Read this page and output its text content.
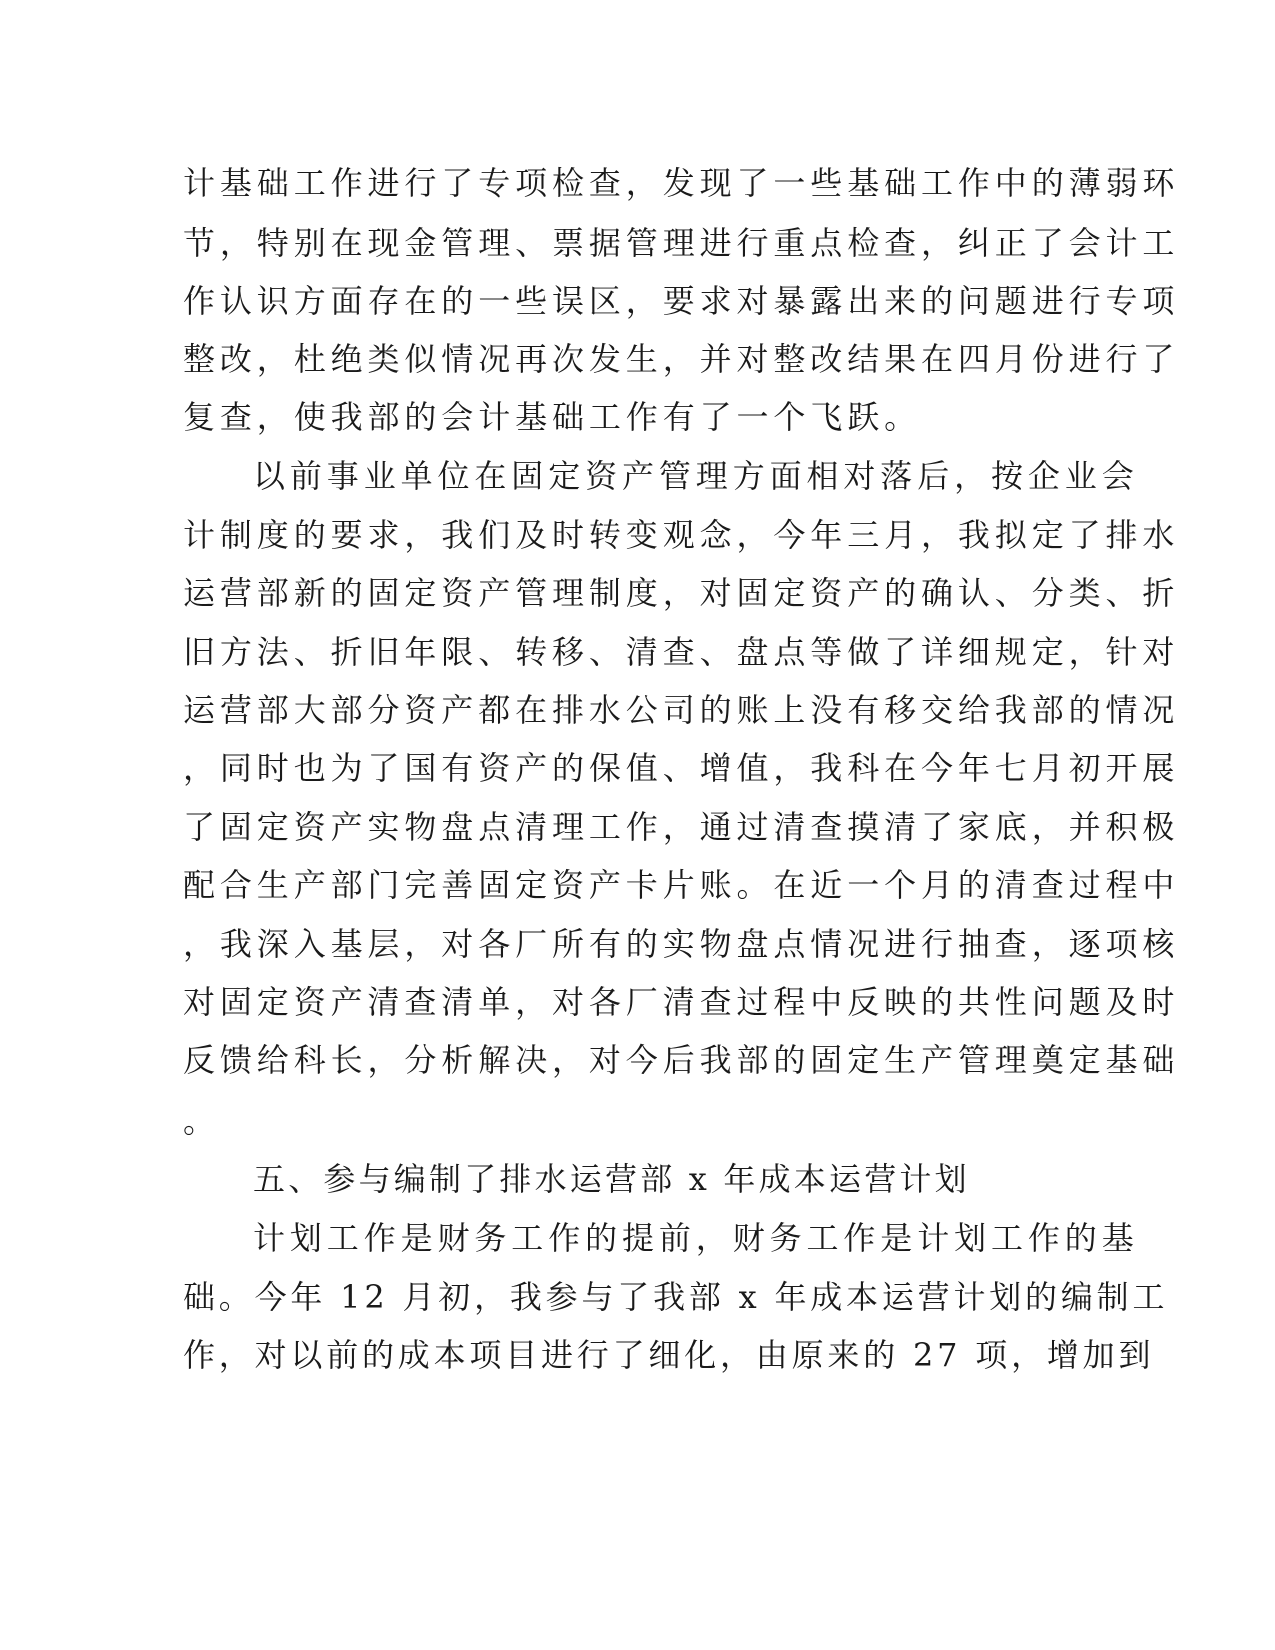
计基础工作进行了专项检查，发现了一些基础工作中的薄弱环
节，特别在现金管理、票据管理进行重点检查，纠正了会计工
作认识方面存在的一些误区，要求对暴露出来的问题进行专项
整改，杜绝类似情况再次发生，并对整改结果在四月份进行了
复查，使我部的会计基础工作有了一个飞跃。
以前事业单位在固定资产管理方面相对落后，按企业会
计制度的要求，我们及时转变观念，今年三月，我拟定了排水
运营部新的固定资产管理制度，对固定资产的确认、分类、折
旧方法、折旧年限、转移、清查、盘点等做了详细规定，针对
运营部大部分资产都在排水公司的账上没有移交给我部的情况
，同时也为了国有资产的保值、增值，我科在今年七月初开展
了固定资产实物盘点清理工作，通过清查摸清了家底，并积极
配合生产部门完善固定资产卡片账。在近一个月的清查过程中
，我深入基层，对各厂所有的实物盘点情况进行抽查，逐项核
对固定资产清查清单，对各厂清查过程中反映的共性问题及时
反馈给科长，分析解决，对今后我部的固定生产管理奠定基础
。
五、参与编制了排水运营部 x 年成本运营计划
计划工作是财务工作的提前，财务工作是计划工作的基
础。今年 12 月初，我参与了我部 x 年成本运营计划的编制工
作，对以前的成本项目进行了细化，由原来的 27 项，增加到
